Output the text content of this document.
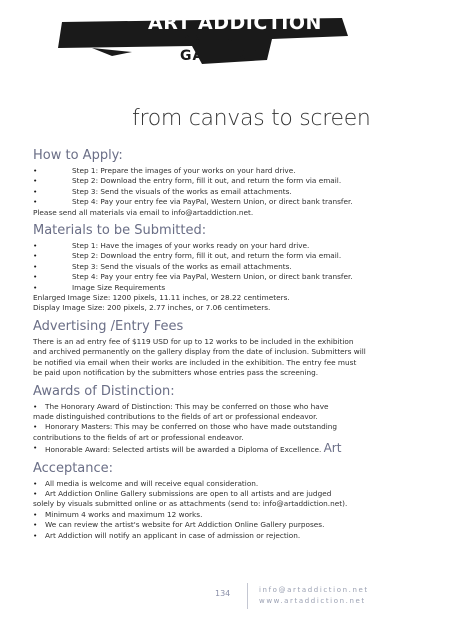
ART ADDICTION
ONLINE
GALLERY
from canvas to screen
How to Apply:
• Step 1: Prepare the images of your works on your hard drive.
• Step 2: Download the entry form, fill it out, and return the form via email.
• Step 3: Send the visuals of the works as email attachments.
• Step 4: Pay your entry fee via PayPal, Western Union, or direct bank transfer.
Please send all materials via email to info@artaddiction.net.
Materials to be Submitted:
• Step 1: Have the images of your works ready on your hard drive.
• Step 2: Download the entry form, fill it out, and return the form via email.
• Step 3: Send the visuals of the works as email attachments.
• Step 4: Pay your entry fee via PayPal, Western Union, or direct bank transfer.
• Image Size Requirements
Enlarged Image Size: 1200 pixels, 11.11 inches, or 28.22 centimeters.
Display Image Size: 200 pixels, 2.77 inches, or 7.06 centimeters.
Advertising /Entry Fees
There is an ad entry fee of $119 USD for up to 12 works to be included in the exhibition
and archived permanently on the gallery display from the date of inclusion. Submitters will
be notified via email when their works are included in the exhibition. The entry fee must
be paid upon notification by the submitters whose entries pass the screening.
Awards of Distinction:
• The Honorary Award of Distinction: This may be conferred on those who have
made distinguished contributions to the fields of art or professional endeavor.
• Honorary Masters: This may be conferred on those who have made outstanding
contributions to the fields of art or professional endeavor.
• Honorable Award: Selected artists will be awarded a Diploma of Excellence. Art
Acceptance:
• All media is welcome and will receive equal consideration.
• Art Addiction Online Gallery submissions are open to all artists and are judged
solely by visuals submitted online or as attachments (send to: info@artaddiction.net).
• Minimum 4 works and maximum 12 works.
• We can review the artist's website for Art Addiction Online Gallery purposes.
• Art Addiction will notify an applicant in case of admission or rejection.
134	info@artaddiction.net
www.artaddiction.net
